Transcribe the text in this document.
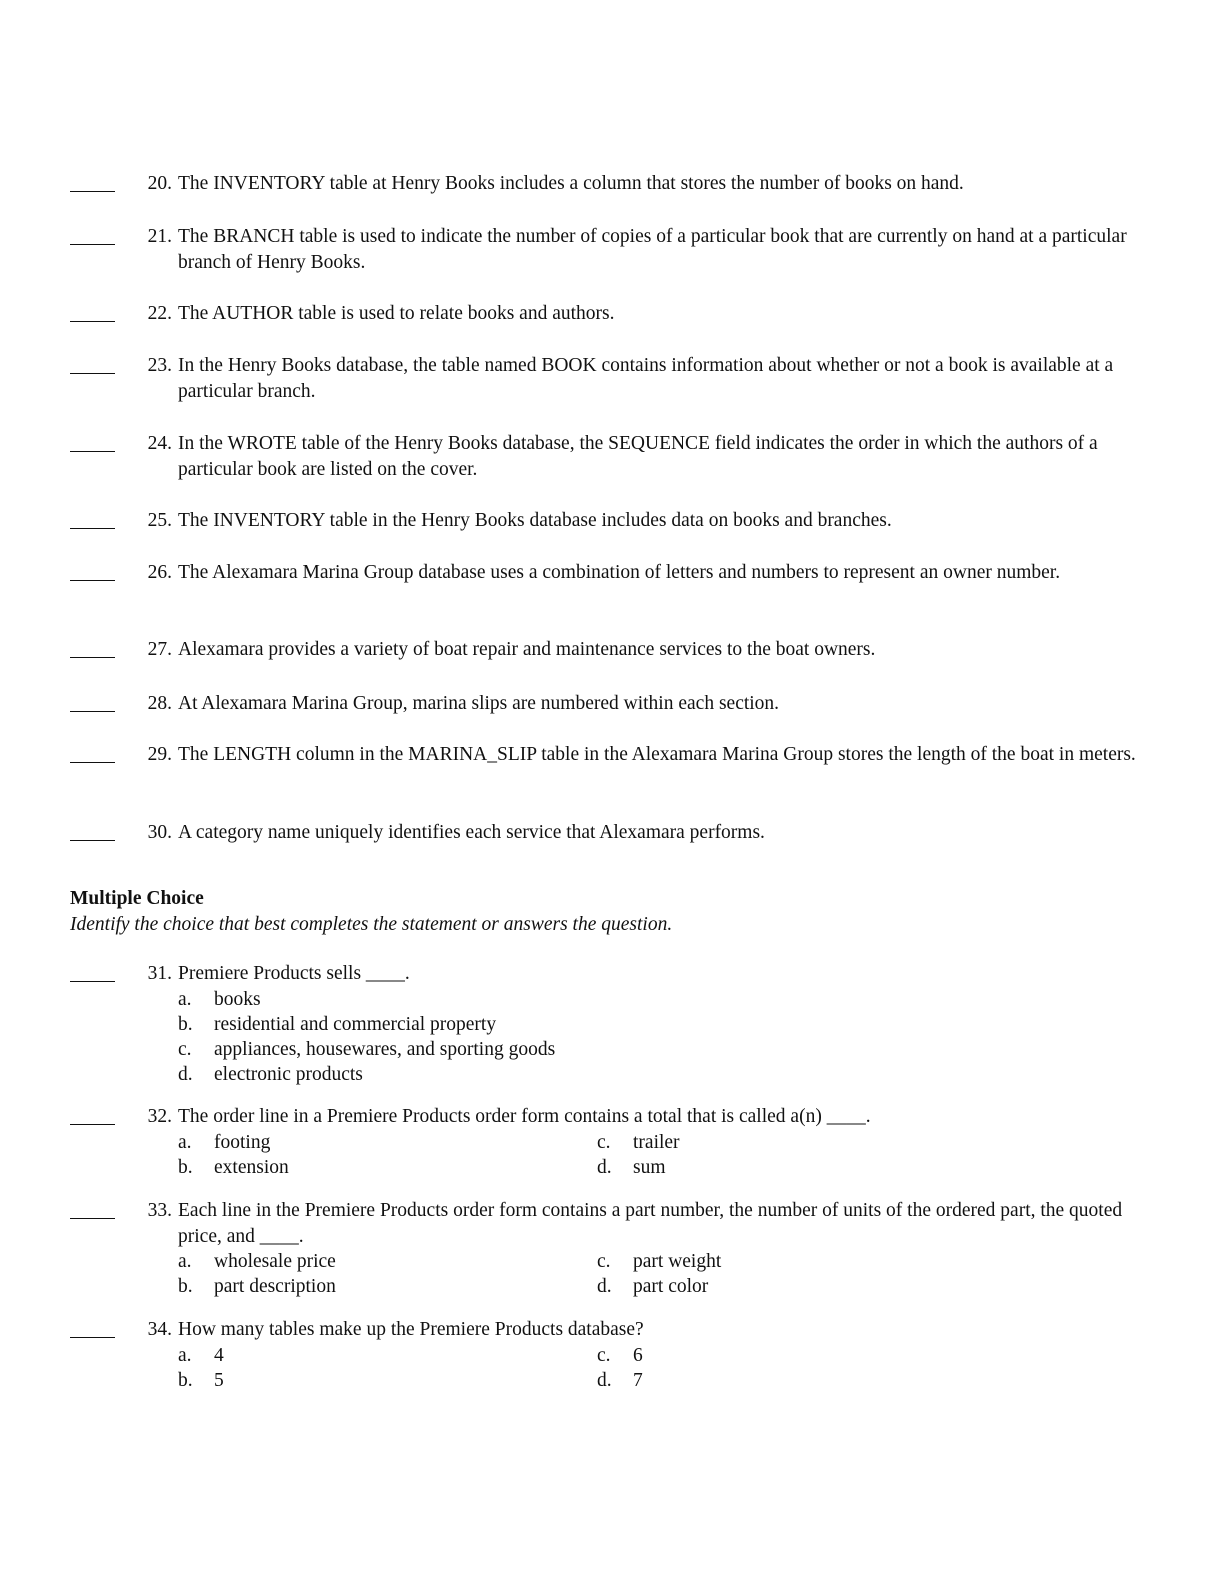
20. The INVENTORY table at Henry Books includes a column that stores the number of books on hand.
21. The BRANCH table is used to indicate the number of copies of a particular book that are currently on hand at a particular branch of Henry Books.
22. The AUTHOR table is used to relate books and authors.
23. In the Henry Books database, the table named BOOK contains information about whether or not a book is available at a particular branch.
24. In the WROTE table of the Henry Books database, the SEQUENCE field indicates the order in which the authors of a particular book are listed on the cover.
25. The INVENTORY table in the Henry Books database includes data on books and branches.
26. The Alexamara Marina Group database uses a combination of letters and numbers to represent an owner number.
27. Alexamara provides a variety of boat repair and maintenance services to the boat owners.
28. At Alexamara Marina Group, marina slips are numbered within each section.
29. The LENGTH column in the MARINA_SLIP table in the Alexamara Marina Group stores the length of the boat in meters.
30. A category name uniquely identifies each service that Alexamara performs.
Multiple Choice
Identify the choice that best completes the statement or answers the question.
31. Premiere Products sells ____.
a. books
b. residential and commercial property
c. appliances, housewares, and sporting goods
d. electronic products
32. The order line in a Premiere Products order form contains a total that is called a(n) ____.
a. footing
b. extension
c. trailer
d. sum
33. Each line in the Premiere Products order form contains a part number, the number of units of the ordered part, the quoted price, and ____.
a. wholesale price
b. part description
c. part weight
d. part color
34. How many tables make up the Premiere Products database?
a. 4
b. 5
c. 6
d. 7
